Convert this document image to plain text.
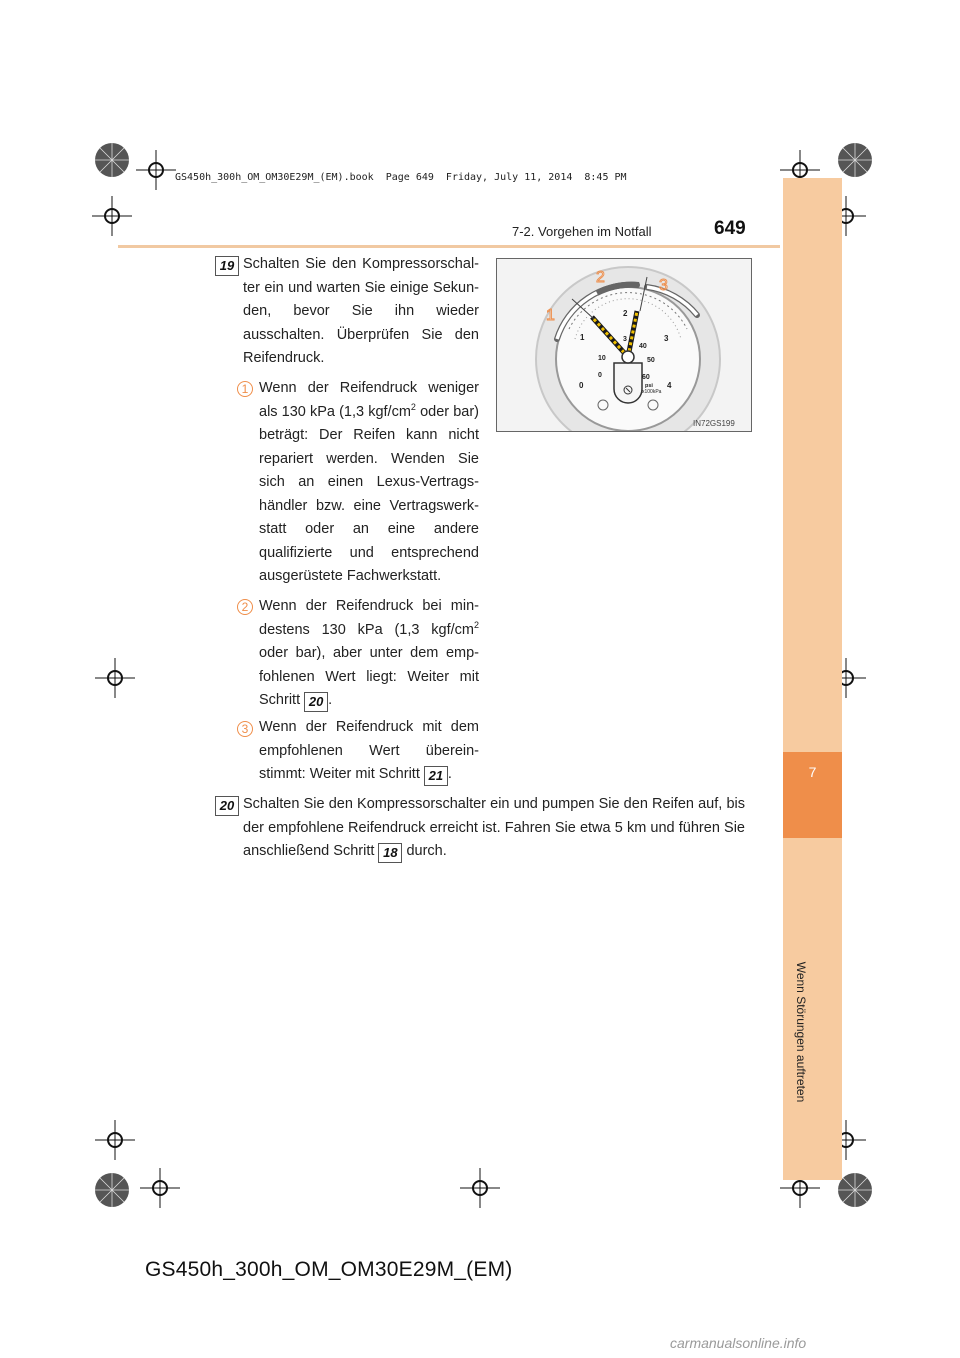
GS450h_300h_OM_OM30E29M_(EM).book  Page 649  Friday, July 11, 2014  8:45 PM
7
Wenn Störungen auftreten
7-2. Vorgehen im Notfall	649
19 Schalten Sie den Kompressorschal-ter ein und warten Sie einige Sekun-den, bevor Sie ihn wieder ausschalten. Überprüfen Sie den Reifendruck.
1 Wenn der Reifendruck weniger als 130 kPa (1,3 kgf/$cm^2$ oder bar) beträgt: Der Reifen kann nicht repariert werden. Wenden Sie sich an einen Lexus-Vertrags-händler bzw. eine Vertragswerk-statt oder an eine andere qualifizierte und entsprechend ausgerüstete Fachwerkstatt.
2 Wenn der Reifendruck bei min-destens 130 kPa (1,3 kgf/$cm^2$ oder bar), aber unter dem emp-fohlenen Wert liegt: Weiter mit Schritt 20 .
3 Wenn der Reifendruck mit dem empfohlenen Wert überein-stimmt: Weiter mit Schritt 21 .
20 Schalten Sie den Kompressorschalter ein und pumpen Sie den Reifen auf, bis der empfohlene Reifendruck erreicht ist. Fahren Sie etwa 5 km und führen Sie anschließend Schritt 18 durch.
1
2
3
4
0
10
0
3
40
50
60
psi
x100kPa
1
2	3
IN72GS199
GS450h_300h_OM_OM30E29M_(EM)
carmanualsonline.info
